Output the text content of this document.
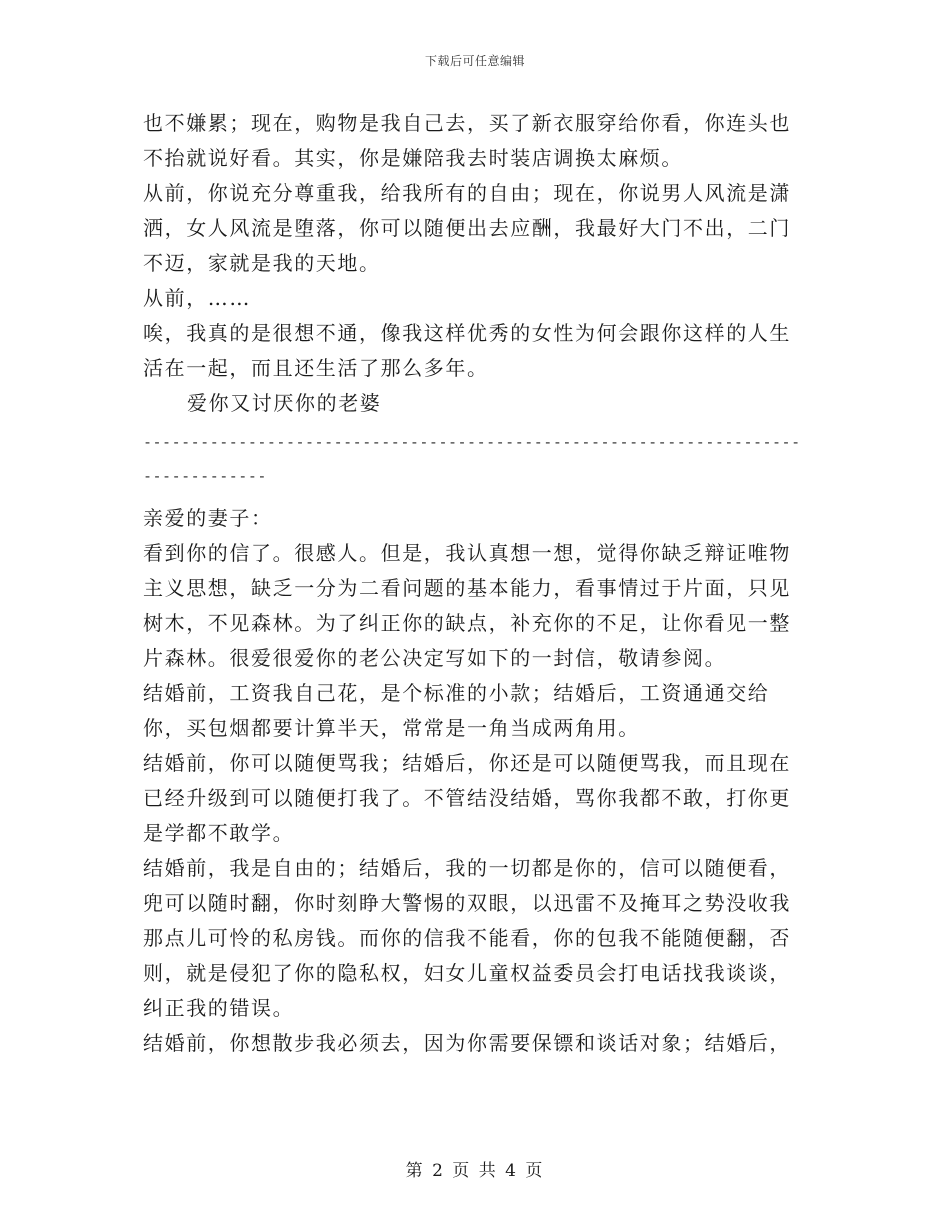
下载后可任意编辑

也不嫌累；现在，购物是我自己去，买了新衣服穿给你看，你连头也不抬就说好看。其实，你是嫌陪我去时装店调换太麻烦。

从前，你说充分尊重我，给我所有的自由；现在，你说男人风流是潇洒，女人风流是堕落，你可以随便出去应酬，我最好大门不出，二门不迈，家就是我的天地。

从前，……

唉，我真的是很想不通，像我这样优秀的女性为何会跟你这样的人生活在一起，而且还生活了那么多年。

爱你又讨厌你的老婆

----------------------------------------------------------------------------------

亲爱的妻子：

看到你的信了。很感人。但是，我认真想一想，觉得你缺乏辩证唯物主义思想，缺乏一分为二看问题的基本能力，看事情过于片面，只见树木，不见森林。为了纠正你的缺点，补充你的不足，让你看见一整片森林。很爱很爱你的老公决定写如下的一封信，敬请参阅。

结婚前，工资我自己花，是个标准的小款；结婚后，工资通通交给你，买包烟都要计算半天，常常是一角当成两角用。

结婚前，你可以随便骂我；结婚后，你还是可以随便骂我，而且现在已经升级到可以随便打我了。不管结没结婚，骂你我都不敢，打你更是学都不敢学。

结婚前，我是自由的；结婚后，我的一切都是你的，信可以随便看，兜可以随时翻，你时刻睁大警惕的双眼，以迅雷不及掩耳之势没收我那点儿可怜的私房钱。而你的信我不能看，你的包我不能随便翻，否则，就是侵犯了你的隐私权，妇女儿童权益委员会打电话找我谈谈，纠正我的错误。

结婚前，你想散步我必须去，因为你需要保镖和谈话对象；结婚后，

第 2 页 共 4 页
